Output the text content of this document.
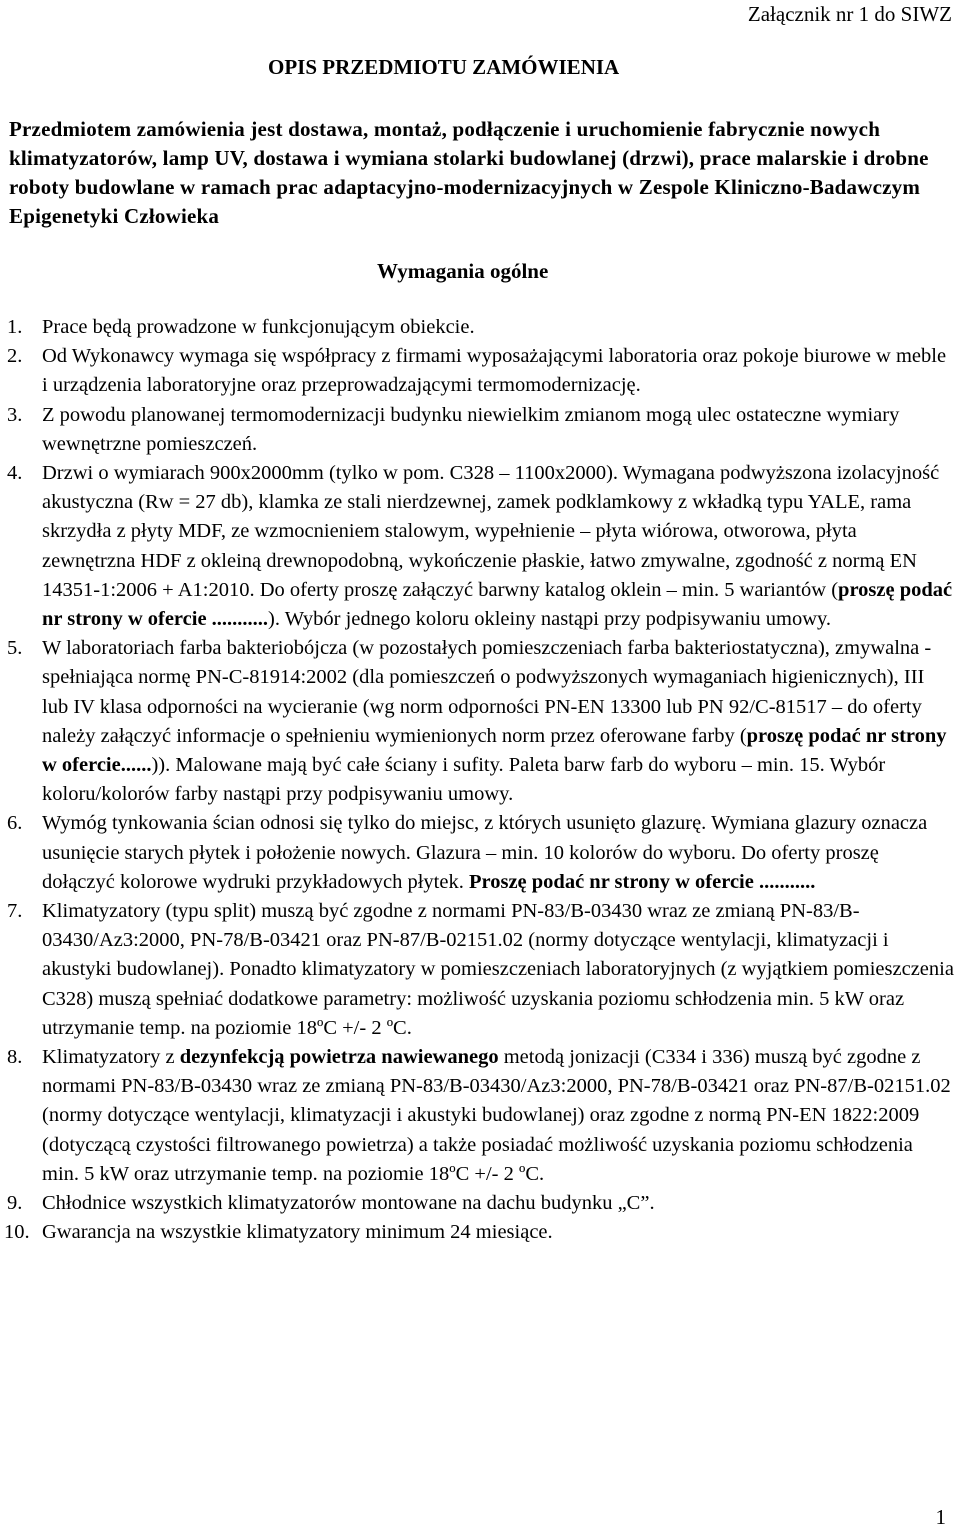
Załącznik nr 1 do SIWZ
OPIS PRZEDMIOTU ZAMÓWIENIA
Przedmiotem zamówienia jest dostawa, montaż, podłączenie i uruchomienie fabrycznie nowych klimatyzatorów, lamp UV, dostawa i wymiana stolarki budowlanej (drzwi), prace malarskie i drobne roboty budowlane w ramach prac adaptacyjno-modernizacyjnych w Zespole Kliniczno-Badawczym Epigenetyki Człowieka
Wymagania ogólne
1. Prace będą prowadzone w funkcjonującym obiekcie.
2. Od Wykonawcy wymaga się współpracy z firmami wyposażającymi laboratoria oraz pokoje biurowe w meble i urządzenia laboratoryjne oraz przeprowadzającymi termomodernizację.
3. Z powodu planowanej termomodernizacji budynku niewielkim zmianom mogą ulec ostateczne wymiary wewnętrzne pomieszczeń.
4. Drzwi o wymiarach 900x2000mm (tylko w pom. C328 – 1100x2000). Wymagana podwyższona izolacyjność akustyczna (Rw = 27 db), klamka ze stali nierdzewnej, zamek podklamkowy z wkładką typu YALE, rama skrzydła z płyty MDF, ze wzmocnieniem stalowym, wypełnienie – płyta wiórowa, otworowa, płyta zewnętrzna HDF z okleiną drewnopodobną, wykończenie płaskie, łatwo zmywalne, zgodność z normą EN 14351-1:2006 + A1:2010. Do oferty proszę załączyć barwny katalog oklein – min. 5 wariantów (proszę podać nr strony w ofercie ...........). Wybór jednego koloru okleiny nastąpi przy podpisywaniu umowy.
5. W laboratoriach farba bakteriobójcza (w pozostałych pomieszczeniach farba bakteriostatyczna), zmywalna - spełniająca normę PN-C-81914:2002 (dla pomieszczeń o podwyższonych wymaganiach higienicznych), III lub IV klasa odporności na wycieranie (wg norm odporności PN-EN 13300 lub PN 92/C-81517 – do oferty należy załączyć informacje o spełnieniu wymienionych norm przez oferowane farby (proszę podać nr strony w ofercie......)). Malowane mają być całe ściany i sufity. Paleta barw farb do wyboru – min. 15. Wybór koloru/kolorów farby nastąpi przy podpisywaniu umowy.
6. Wymóg tynkowania ścian odnosi się tylko do miejsc, z których usunięto glazurę. Wymiana glazury oznacza usunięcie starych płytek i położenie nowych. Glazura – min. 10 kolorów do wyboru. Do oferty proszę dołączyć kolorowe wydruki przykładowych płytek. Proszę podać nr strony w ofercie ...........
7. Klimatyzatory (typu split) muszą być zgodne z normami PN-83/B-03430 wraz ze zmianą PN-83/B-03430/Az3:2000, PN-78/B-03421 oraz PN-87/B-02151.02 (normy dotyczące wentylacji, klimatyzacji i akustyki budowlanej). Ponadto klimatyzatory w pomieszczeniach laboratoryjnych (z wyjątkiem pomieszczenia C328) muszą spełniać dodatkowe parametry: możliwość uzyskania poziomu schłodzenia min. 5 kW oraz utrzymanie temp. na poziomie 18ºC +/- 2 ºC.
8. Klimatyzatory z dezynfekcją powietrza nawiewanego metodą jonizacji (C334 i 336) muszą być zgodne z normami PN-83/B-03430 wraz ze zmianą PN-83/B-03430/Az3:2000, PN-78/B-03421 oraz PN-87/B-02151.02 (normy dotyczące wentylacji, klimatyzacji i akustyki budowlanej) oraz zgodne z normą PN-EN 1822:2009 (dotyczącą czystości filtrowanego powietrza) a także posiadać możliwość uzyskania poziomu schłodzenia min. 5 kW oraz utrzymanie temp. na poziomie 18ºC +/- 2 ºC.
9. Chłodnice wszystkich klimatyzatorów montowane na dachu budynku „C”.
10. Gwarancja na wszystkie klimatyzatory minimum 24 miesiące.
1
